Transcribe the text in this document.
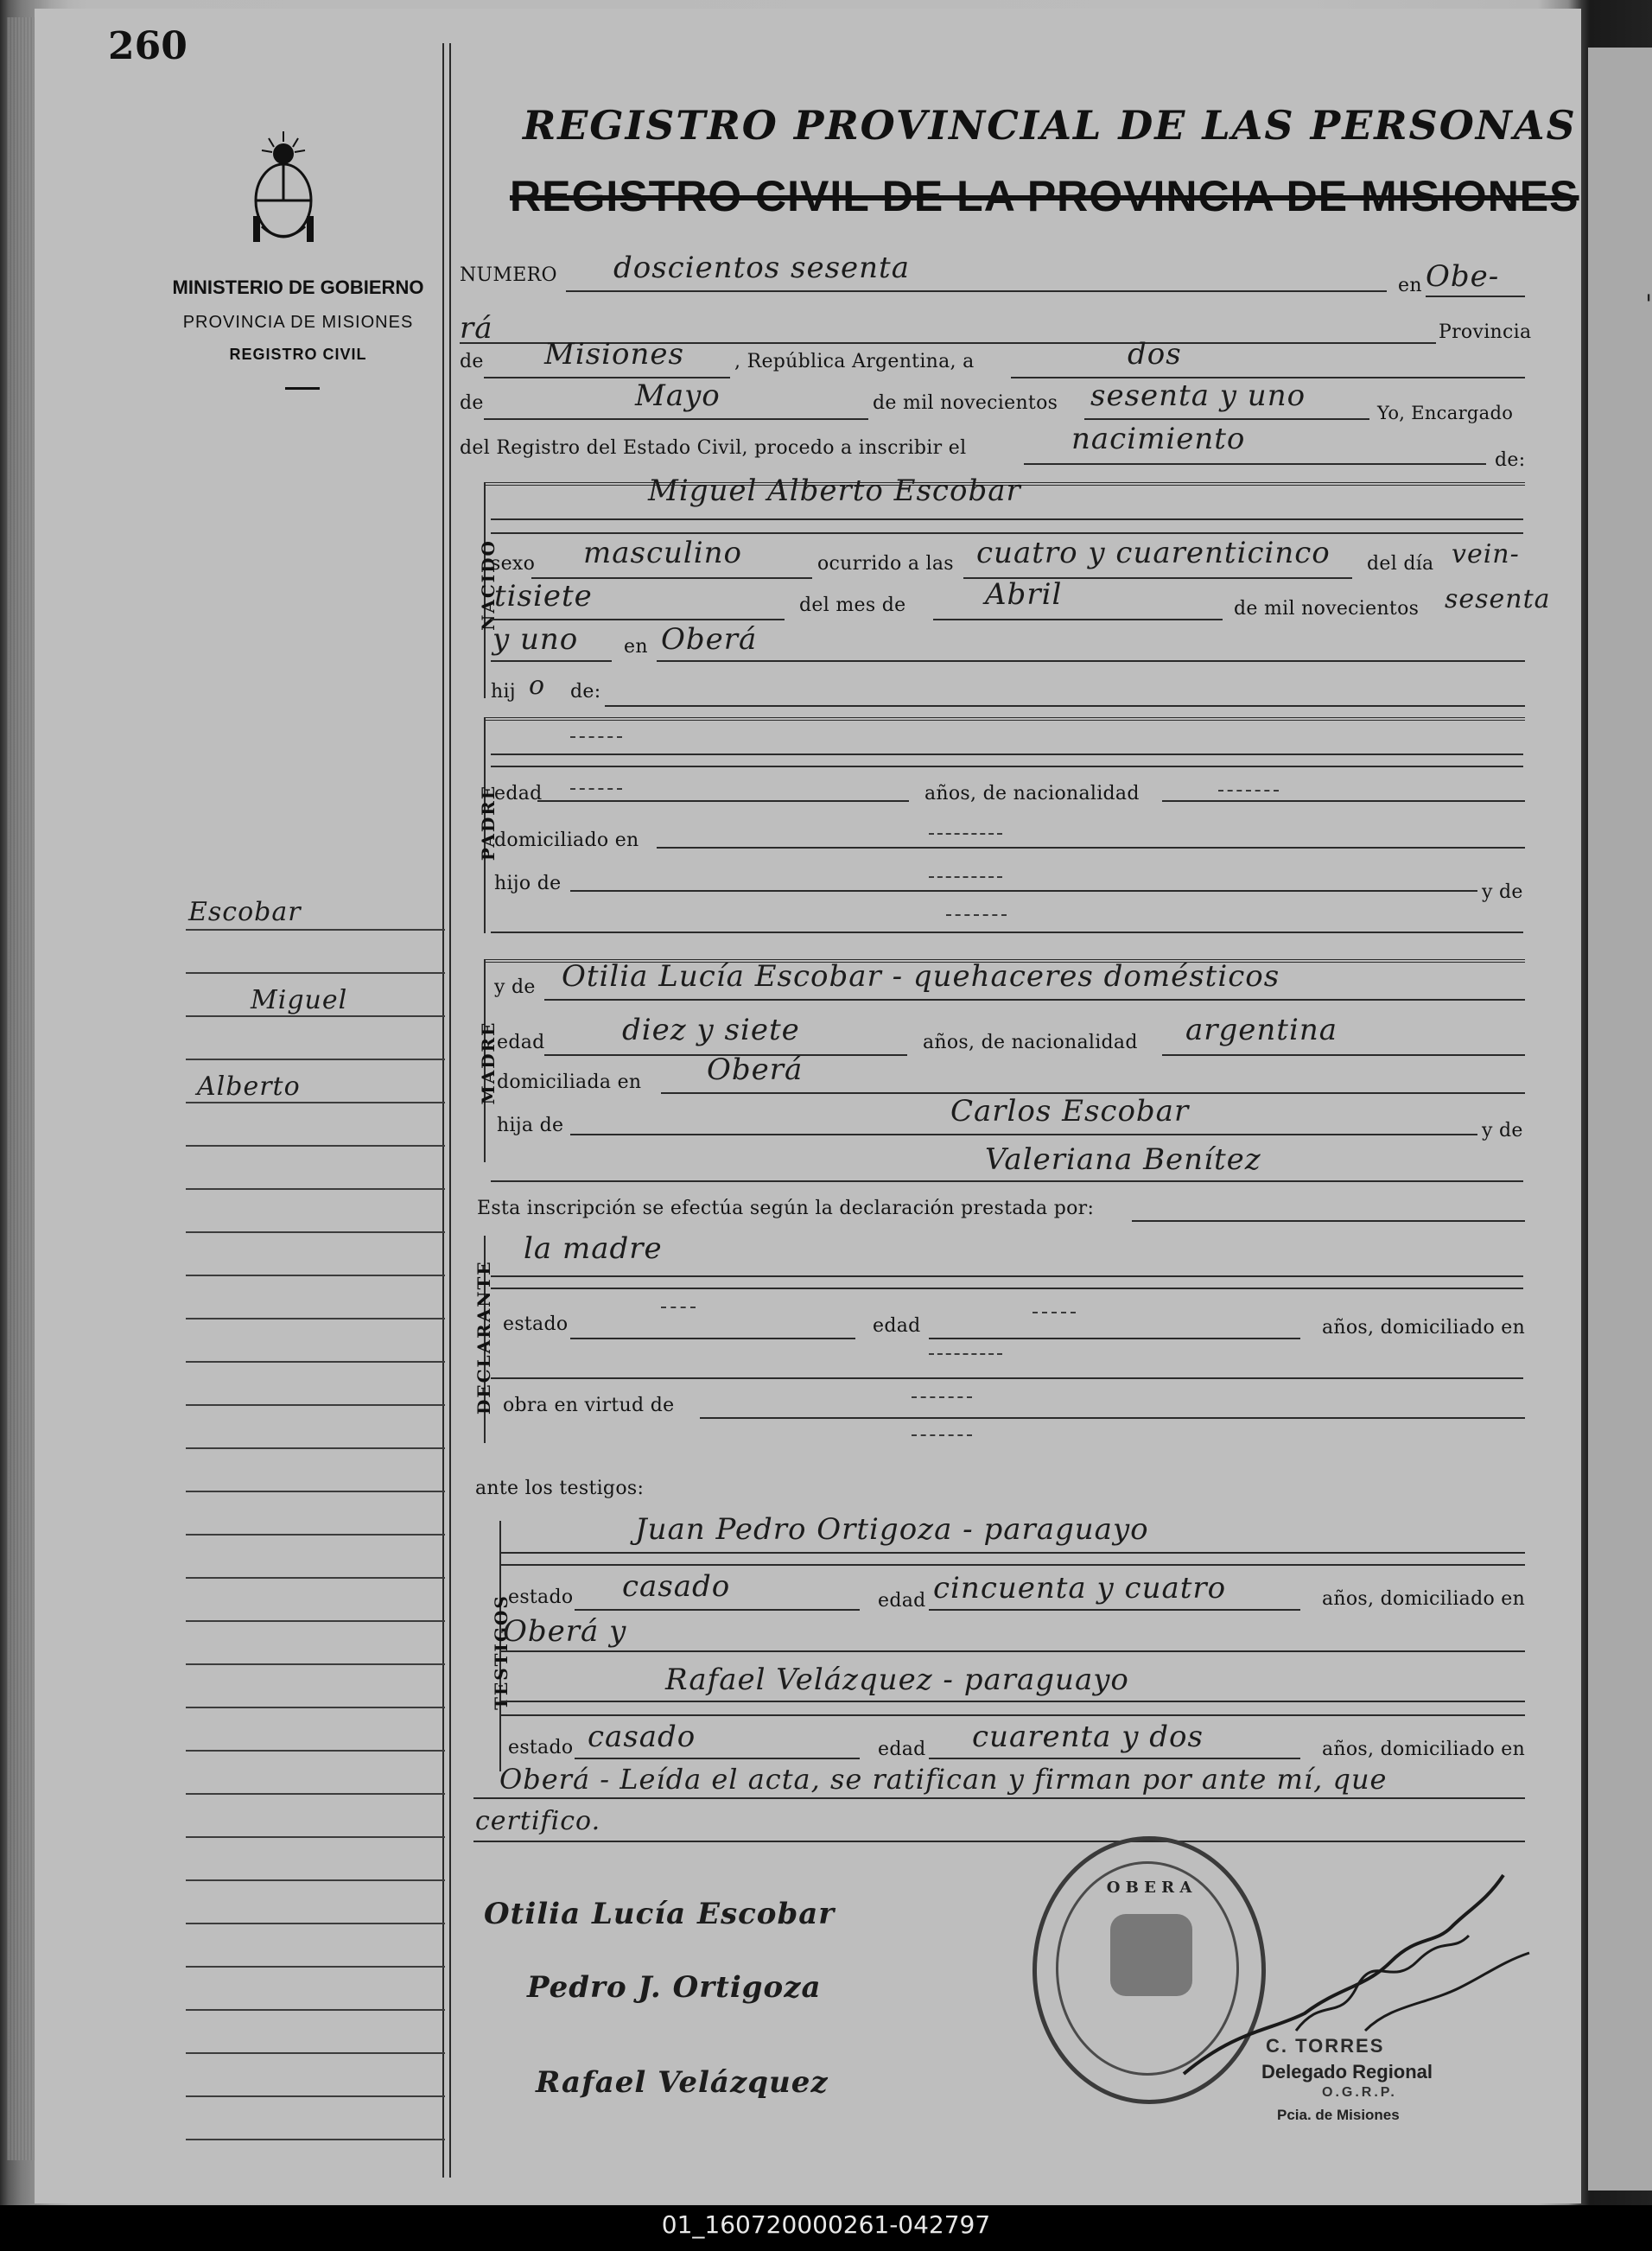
'
260
MINISTERIO DE GOBIERNO
PROVINCIA DE MISIONES
REGISTRO CIVIL
REGISTRO PROVINCIAL DE LAS PERSONAS
REGISTRO CIVIL DE LA PROVINCIA DE MISIONES
Escobar
Miguel
Alberto
NUMERO doscientos sesenta
en Obe-
rá	Provincia
de Misiones	, República Argentina, a	dos
de	Mayo	de mil novecientos sesenta y uno	Yo, Encargado
del Registro del Estado Civil, procedo a inscribir el	nacimiento
de:
NACIDO
Miguel Alberto Escobar
sexo masculino	ocurrido a las cuatro y cuarenticinco del día vein-
tisiete	del mes de	Abril	de mil novecientos sesenta
y uno en Oberá
hij o de:
PADRE
edad	años, de nacionalidad
domiciliado en
hijo de	y de
MADRE
y de Otilia Lucía Escobar - quehaceres domésticos
edad	diez y siete	años, de nacionalidad argentina
domiciliada en Oberá
hija de	Carlos Escobar
y de
Valeriana Benítez
Esta inscripción se efectúa según la declaración prestada por:
DECLARANTE
la madre
estado	edad	años, domiciliado en
obra en virtud de
ante los testigos:
TESTIGOS
Juan Pedro Ortigoza - paraguayo
estado casado	edad cincuenta y cuatro	años, domiciliado en
Oberá y
Rafael Velázquez - paraguayo
estado casado	edad cuarenta y dos	años, domiciliado en
Oberá - Leída el acta, se ratifican y firman por ante mí, que
certifico.
Otilia Lucía Escobar
Pedro J. Ortigoza
Rafael Velázquez
O B E R A
C. TORRES
Delegado Regional
O.G.R.P.
Pcia. de Misiones
01_160720000261-042797
